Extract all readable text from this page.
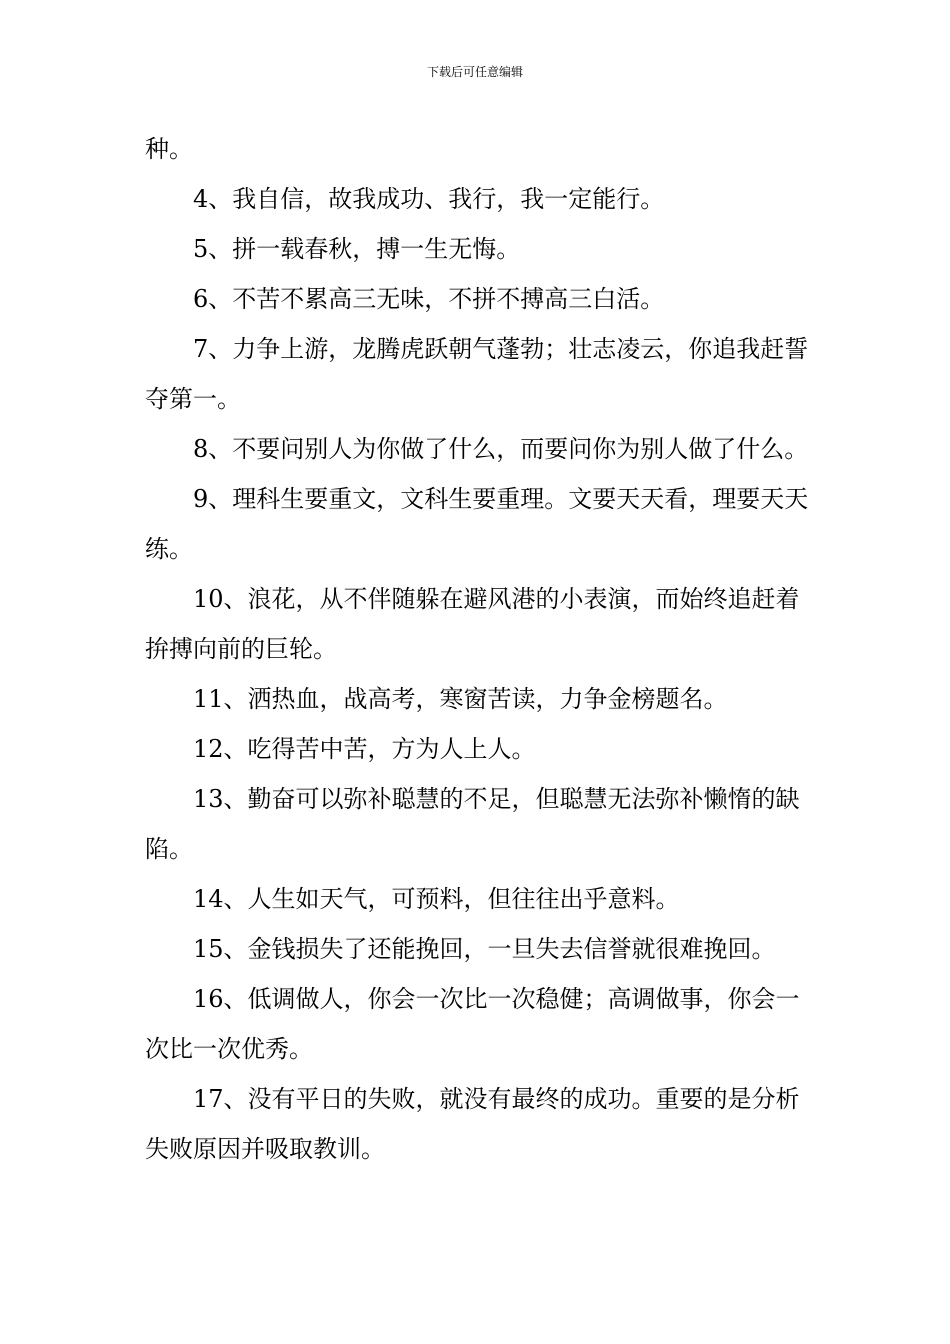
下载后可任意编辑

种。

4、我自信，故我成功、我行，我一定能行。

5、拼一载春秋，搏一生无悔。

6、不苦不累高三无味，不拼不搏高三白活。

7、力争上游，龙腾虎跃朝气蓬勃；壮志凌云，你追我赶誓夺第一。

8、不要问别人为你做了什么，而要问你为别人做了什么。

9、理科生要重文，文科生要重理。文要天天看，理要天天练。

10、浪花，从不伴随躲在避风港的小表演，而始终追赶着拚搏向前的巨轮。

11、洒热血，战高考，寒窗苦读，力争金榜题名。

12、吃得苦中苦，方为人上人。

13、勤奋可以弥补聪慧的不足，但聪慧无法弥补懒惰的缺陷。

14、人生如天气，可预料，但往往出乎意料。

15、金钱损失了还能挽回，一旦失去信誉就很难挽回。

16、低调做人，你会一次比一次稳健；高调做事，你会一次比一次优秀。

17、没有平日的失败，就没有最终的成功。重要的是分析失败原因并吸取教训。
